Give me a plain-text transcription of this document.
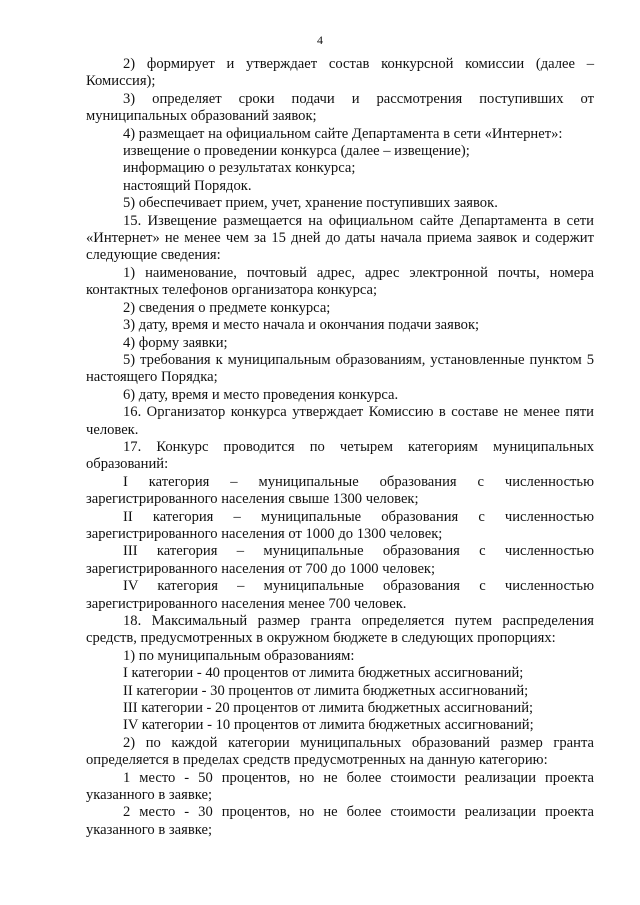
4

2) формирует и утверждает состав конкурсной комиссии (далее – Комиссия);

3) определяет сроки подачи и рассмотрения поступивших от муниципальных образований заявок;

4) размещает на официальном сайте Департамента в сети «Интернет»:

извещение о проведении конкурса (далее – извещение);

информацию о результатах конкурса;

настоящий Порядок.

5) обеспечивает прием, учет, хранение поступивших заявок.

15. Извещение размещается на официальном сайте Департамента в сети «Интернет» не менее чем за 15 дней до даты начала приема заявок и содержит следующие сведения:

1) наименование, почтовый адрес, адрес электронной почты, номера контактных телефонов организатора конкурса;

2) сведения о предмете конкурса;

3) дату, время и место начала и окончания подачи заявок;

4) форму заявки;

5) требования к муниципальным образованиям, установленные пунктом 5 настоящего Порядка;

6) дату, время и место проведения конкурса.

16. Организатор конкурса утверждает Комиссию в составе не менее пяти человек.

17. Конкурс проводится по четырем категориям муниципальных образований:

I категория – муниципальные образования с численностью зарегистрированного населения свыше 1300 человек;

II категория – муниципальные образования с численностью зарегистрированного населения от 1000 до 1300 человек;

III категория – муниципальные образования с численностью зарегистрированного населения от 700 до 1000 человек;

IV категория – муниципальные образования с численностью зарегистрированного населения менее 700 человек.

18. Максимальный размер гранта определяется путем распределения средств, предусмотренных в окружном бюджете в следующих пропорциях:

1) по муниципальным образованиям:

I категории - 40 процентов от лимита бюджетных ассигнований;

II категории - 30 процентов от лимита бюджетных ассигнований;

III категории - 20 процентов от лимита бюджетных ассигнований;

IV категории - 10 процентов от лимита бюджетных ассигнований;

2) по каждой категории муниципальных образований размер гранта определяется в пределах средств предусмотренных на данную категорию:

1 место - 50 процентов, но не более стоимости реализации проекта указанного в заявке;

2 место - 30 процентов, но не более стоимости реализации проекта указанного в заявке;
